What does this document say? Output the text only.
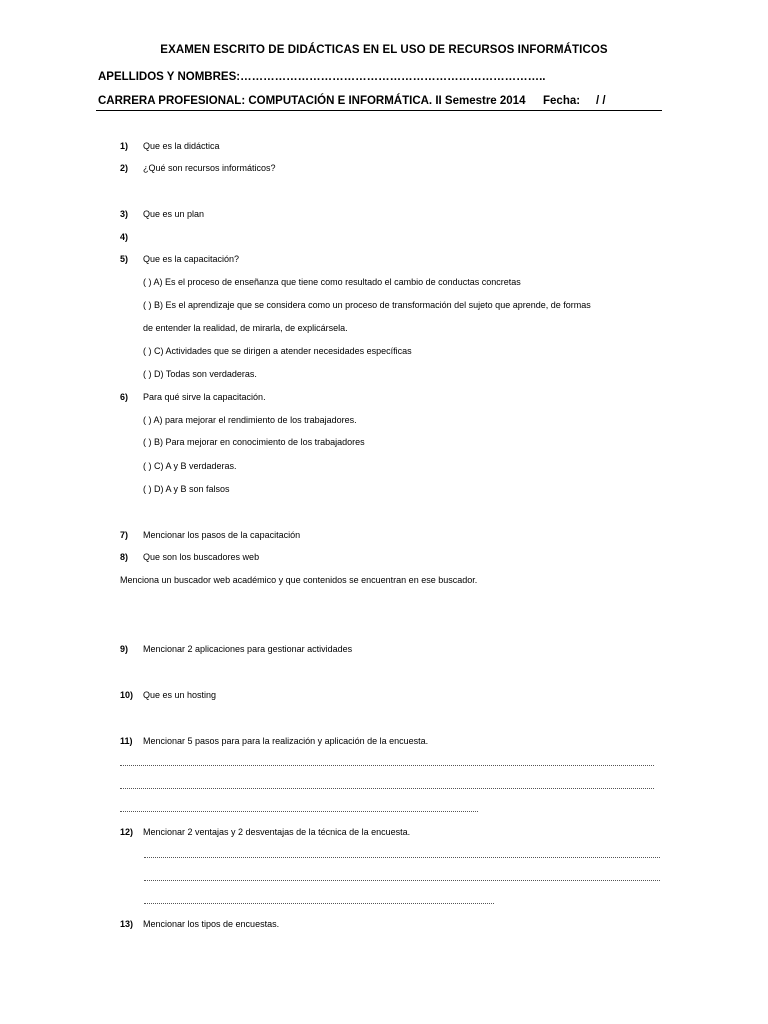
EXAMEN ESCRITO DE DIDÁCTICAS EN EL USO DE RECURSOS INFORMÁTICOS
APELLIDOS Y NOMBRES:……………………………………………………………………..
CARRERA PROFESIONAL: COMPUTACIÓN E INFORMÁTICA. II Semestre 2014 Fecha: / /
1) Que es la didáctica
2) ¿Qué son recursos informáticos?
3) Que es un plan
4)
5) Que es la capacitación?
( ) A) Es el proceso de enseñanza que tiene como resultado el cambio de conductas concretas
( ) B) Es el aprendizaje que se considera como un proceso de transformación del sujeto que aprende, de formas
de entender la realidad, de mirarla, de explicársela.
( ) C) Actividades que se dirigen a atender necesidades específicas
( ) D) Todas son verdaderas.
6) Para qué sirve la capacitación.
( ) A) para mejorar el rendimiento de los trabajadores.
( ) B) Para mejorar en conocimiento de los trabajadores
( ) C) A y B verdaderas.
( ) D) A y B son falsos
7) Mencionar los pasos de la capacitación
8) Que son los buscadores web
Menciona un buscador web académico y que contenidos se encuentran en ese buscador.
9) Mencionar 2 aplicaciones para gestionar actividades
10) Que es un hosting
11) Mencionar 5 pasos para para la realización y aplicación de la encuesta.
12) Mencionar 2 ventajas y 2 desventajas de la técnica de la encuesta.
13) Mencionar los tipos de encuestas.
